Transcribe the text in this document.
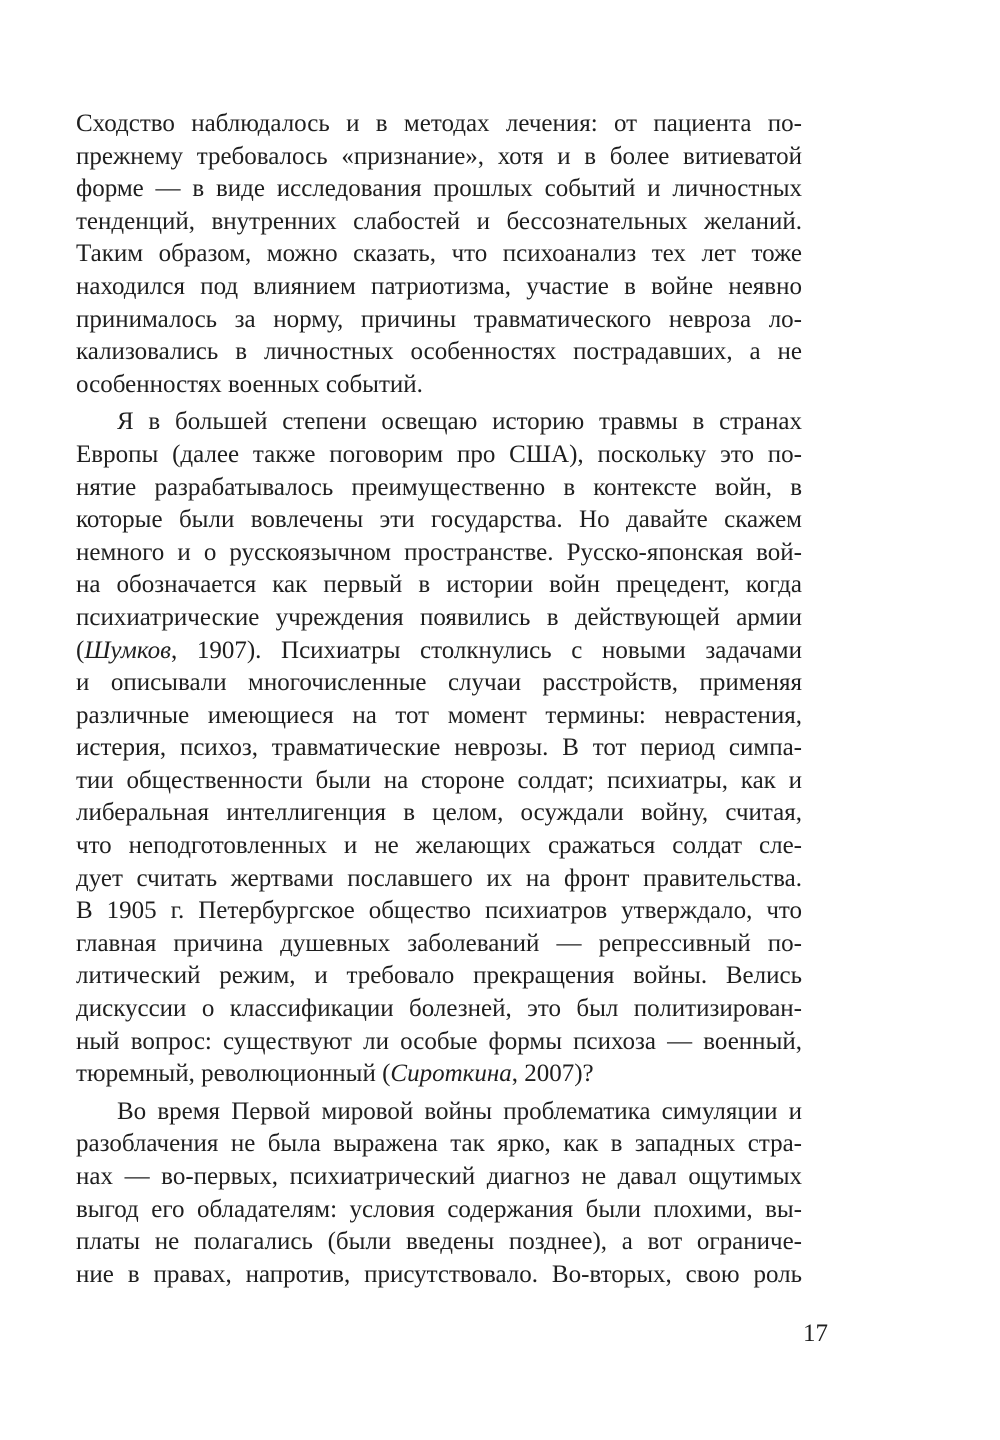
Сходство наблюдалось и в методах лечения: от пациента по-
прежнему требовалось «признание», хотя и в более витиеватой
форме — в виде исследования прошлых событий и личностных
тенденций, внутренних слабостей и бессознательных желаний.
Таким образом, можно сказать, что психоанализ тех лет тоже
находился под влиянием патриотизма, участие в войне неявно
принималось за норму, причины травматического невроза ло-
кализовались в личностных особенностях пострадавших, а не
особенностях военных событий.
Я в большей степени освещаю историю травмы в странах
Европы (далее также поговорим про США), поскольку это по-
нятие разрабатывалось преимущественно в контексте войн, в
которые были вовлечены эти государства. Но давайте скажем
немного и о русскоязычном пространстве. Русско-японская вой-
на обозначается как первый в истории войн прецедент, когда
психиатрические учреждения появились в действующей армии
(Шумков, 1907). Психиатры столкнулись с новыми задачами
и описывали многочисленные случаи расстройств, применяя
различные имеющиеся на тот момент термины: неврастения,
истерия, психоз, травматические неврозы. В тот период симпа-
тии общественности были на стороне солдат; психиатры, как и
либеральная интеллигенция в целом, осуждали войну, считая,
что неподготовленных и не желающих сражаться солдат сле-
дует считать жертвами пославшего их на фронт правительства.
В 1905 г. Петербургское общество психиатров утверждало, что
главная причина душевных заболеваний — репрессивный по-
литический режим, и требовало прекращения войны. Велись
дискуссии о классификации болезней, это был политизирован-
ный вопрос: существуют ли особые формы психоза — военный,
тюремный, революционный (Сироткина, 2007)?
Во время Первой мировой войны проблематика симуляции и
разоблачения не была выражена так ярко, как в западных стра-
нах — во-первых, психиатрический диагноз не давал ощутимых
выгод его обладателям: условия содержания были плохими, вы-
платы не полагались (были введены позднее), а вот ограниче-
ние в правах, напротив, присутствовало. Во-вторых, свою роль
17
